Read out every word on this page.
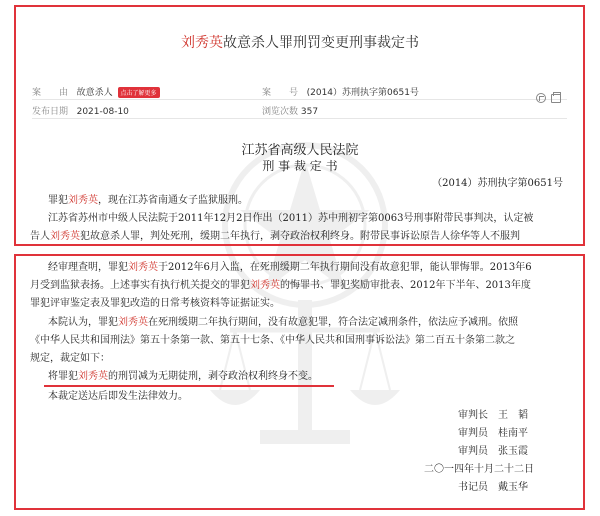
刘秀英故意杀人罪刑罚变更刑事裁定书
案　　由 故意杀人 点击了解更多	案　　号 (2014）苏刑执字第0651号
发布日期 2021-08-10	浏览次数 357
江苏省高级人民法院
刑 事 裁 定 书
（2014）苏刑执字第0651号
罪犯刘秀英，现在江苏省南通女子监狱服刑。
江苏省苏州市中级人民法院于2011年12月2日作出（2011）苏中刑初字第0063号刑事附带民事判决，认定被
告人刘秀英犯故意杀人罪，判处死刑，缓期二年执行，剥夺政治权利终身。附带民事诉讼原告人徐华等人不服判
经审理查明，罪犯刘秀英于2012年6月入监，在死刑缓期二年执行期间没有故意犯罪，能认罪悔罪。2013年6
月受到监狱表扬。上述事实有执行机关提交的罪犯刘秀英的悔罪书、罪犯奖励审批表、2012年下半年、2013年度
罪犯评审鉴定表及罪犯改造的日常考核资料等证据证实。
本院认为，罪犯刘秀英在死刑缓期二年执行期间，没有故意犯罪，符合法定减刑条件，依法应予减刑。依照
《中华人民共和国刑法》第五十条第一款、第五十七条、《中华人民共和国刑事诉讼法》第二百五十条第二款之
规定，裁定如下：
将罪犯刘秀英的刑罚减为无期徒刑，剥夺政治权利终身不变。
本裁定送达后即发生法律效力。
审判长　王　韬
审判员　桂南平
审判员　张玉霞
二〇一四年十月二十二日
书记员　戴玉华
